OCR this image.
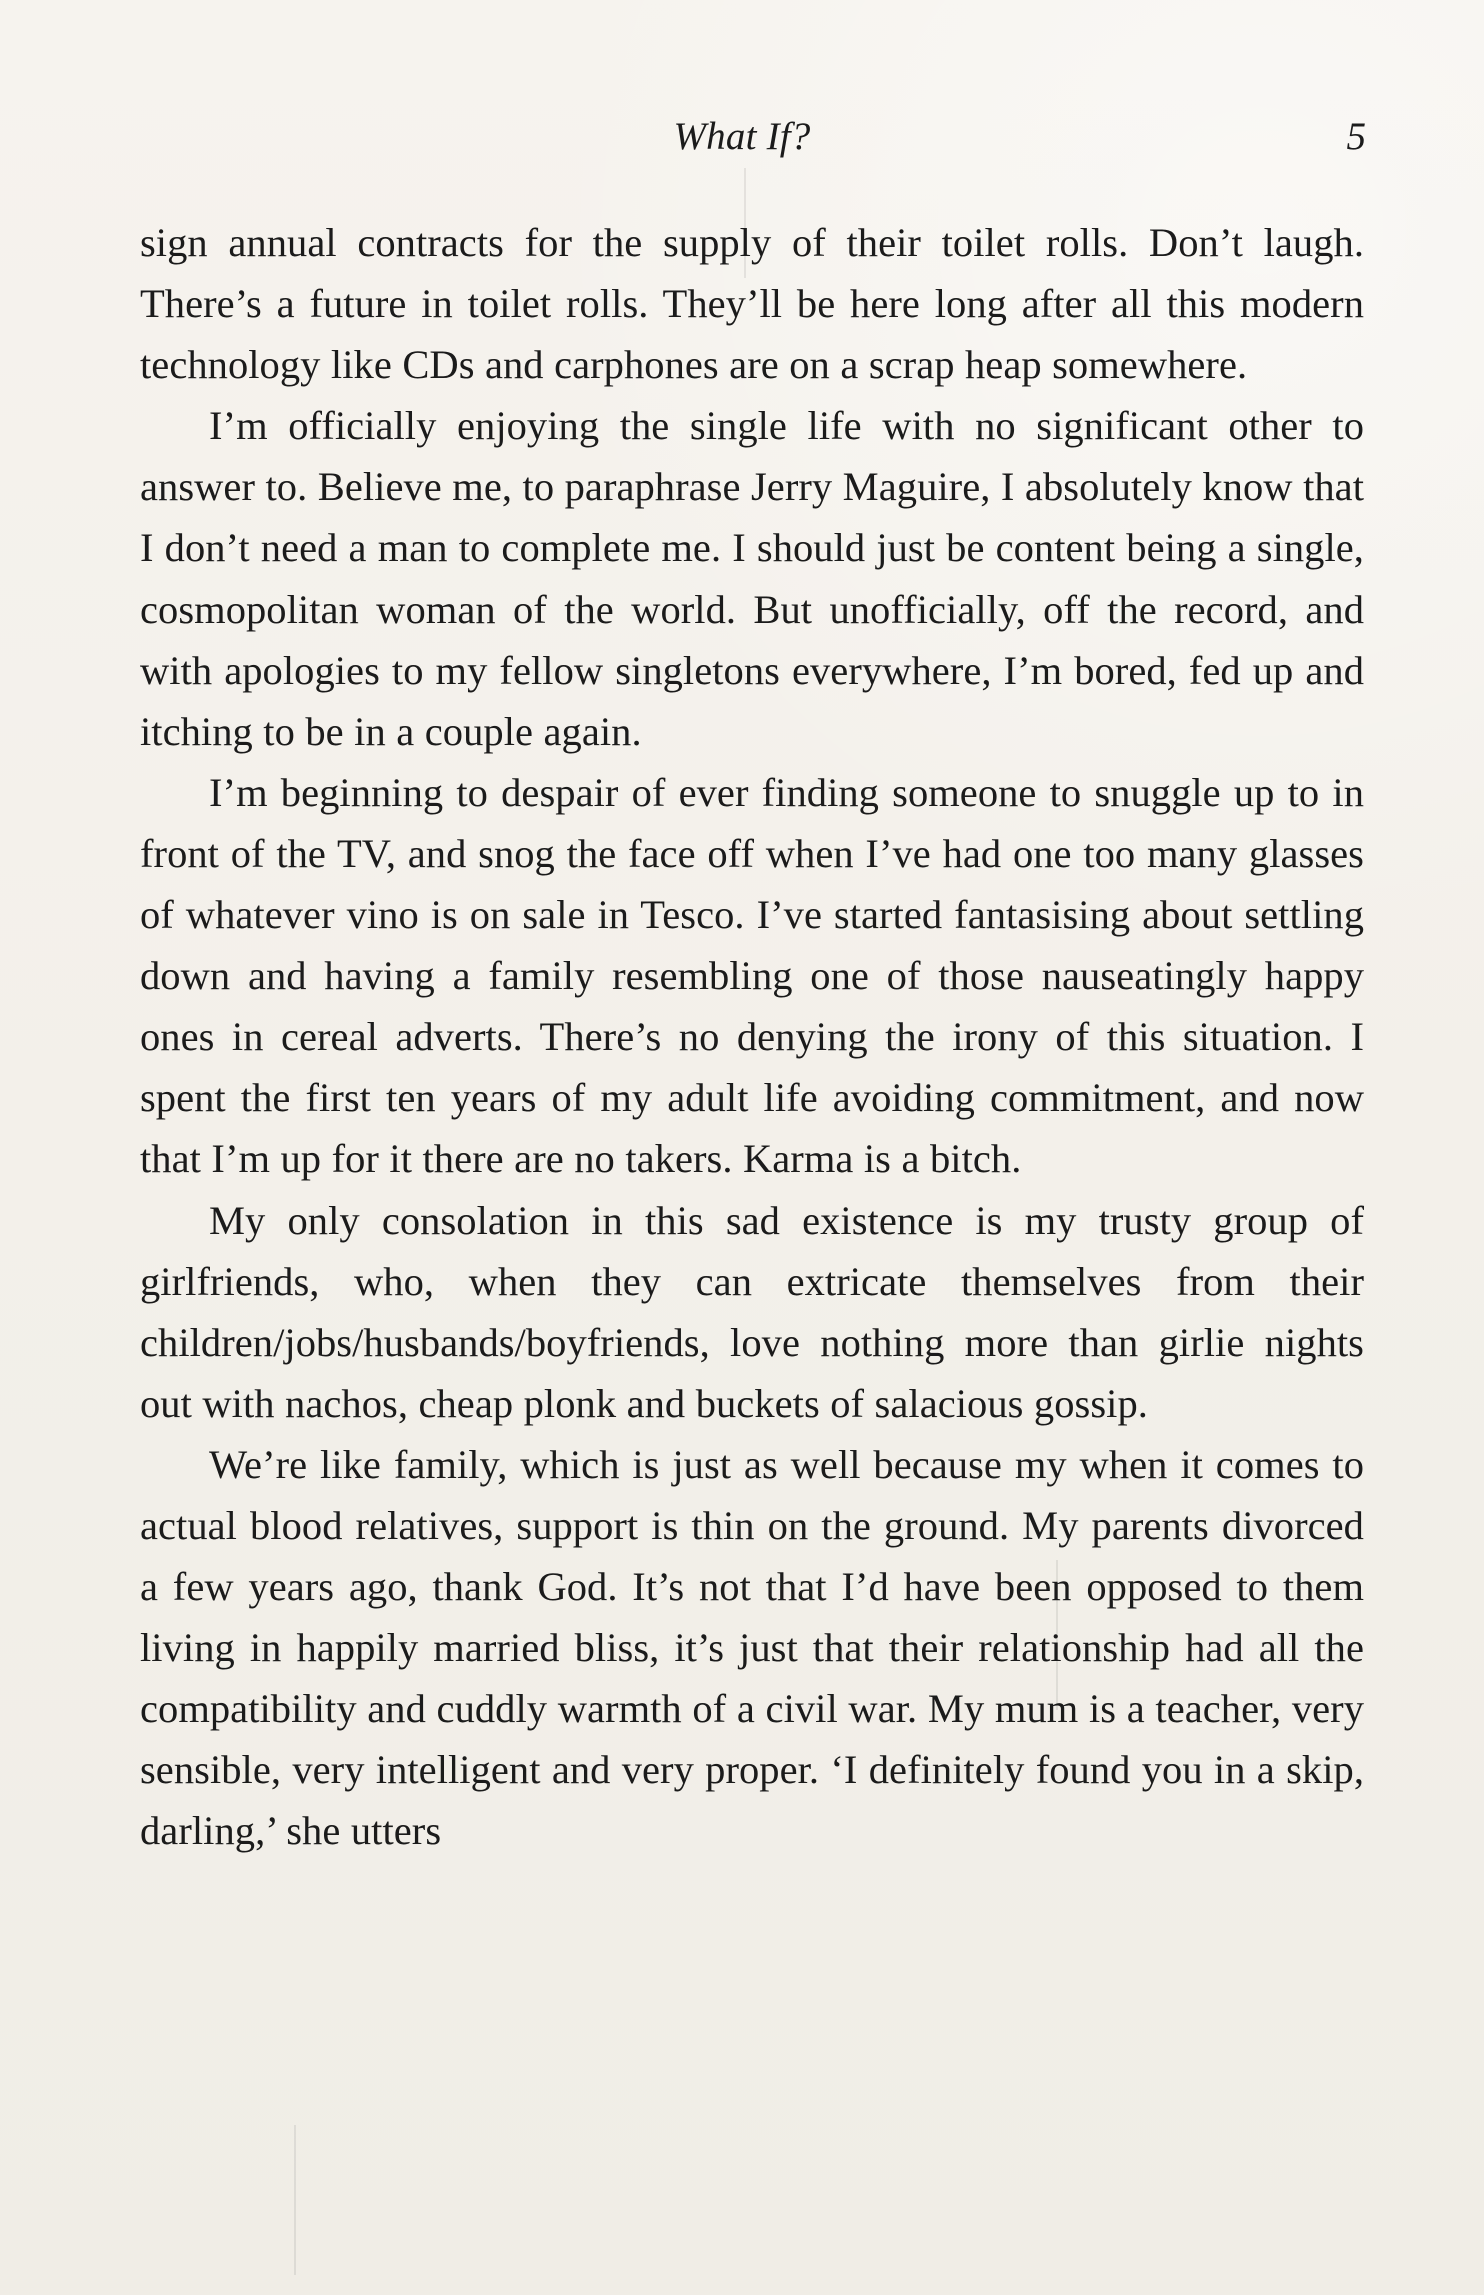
What If?	5

sign annual contracts for the supply of their toilet rolls. Don’t laugh. There’s a future in toilet rolls. They’ll be here long after all this modern technology like CDs and carphones are on a scrap heap somewhere.

I’m officially enjoying the single life with no significant other to answer to. Believe me, to paraphrase Jerry Maguire, I absolutely know that I don’t need a man to complete me. I should just be content being a single, cosmopolitan woman of the world. But unofficially, off the record, and with apologies to my fellow singletons everywhere, I’m bored, fed up and itching to be in a couple again.

I’m beginning to despair of ever finding someone to snuggle up to in front of the TV, and snog the face off when I’ve had one too many glasses of whatever vino is on sale in Tesco. I’ve started fantasising about settling down and having a family resembling one of those nauseatingly happy ones in cereal adverts. There’s no denying the irony of this situation. I spent the first ten years of my adult life avoiding commitment, and now that I’m up for it there are no takers. Karma is a bitch.

My only consolation in this sad existence is my trusty group of girlfriends, who, when they can extricate themselves from their children/jobs/husbands/boyfriends, love nothing more than girlie nights out with nachos, cheap plonk and buckets of salacious gossip.

We’re like family, which is just as well because my when it comes to actual blood relatives, support is thin on the ground. My parents divorced a few years ago, thank God. It’s not that I’d have been opposed to them living in happily married bliss, it’s just that their relationship had all the compatibility and cuddly warmth of a civil war. My mum is a teacher, very sensible, very intelligent and very proper. ‘I definitely found you in a skip, darling,’ she utters
